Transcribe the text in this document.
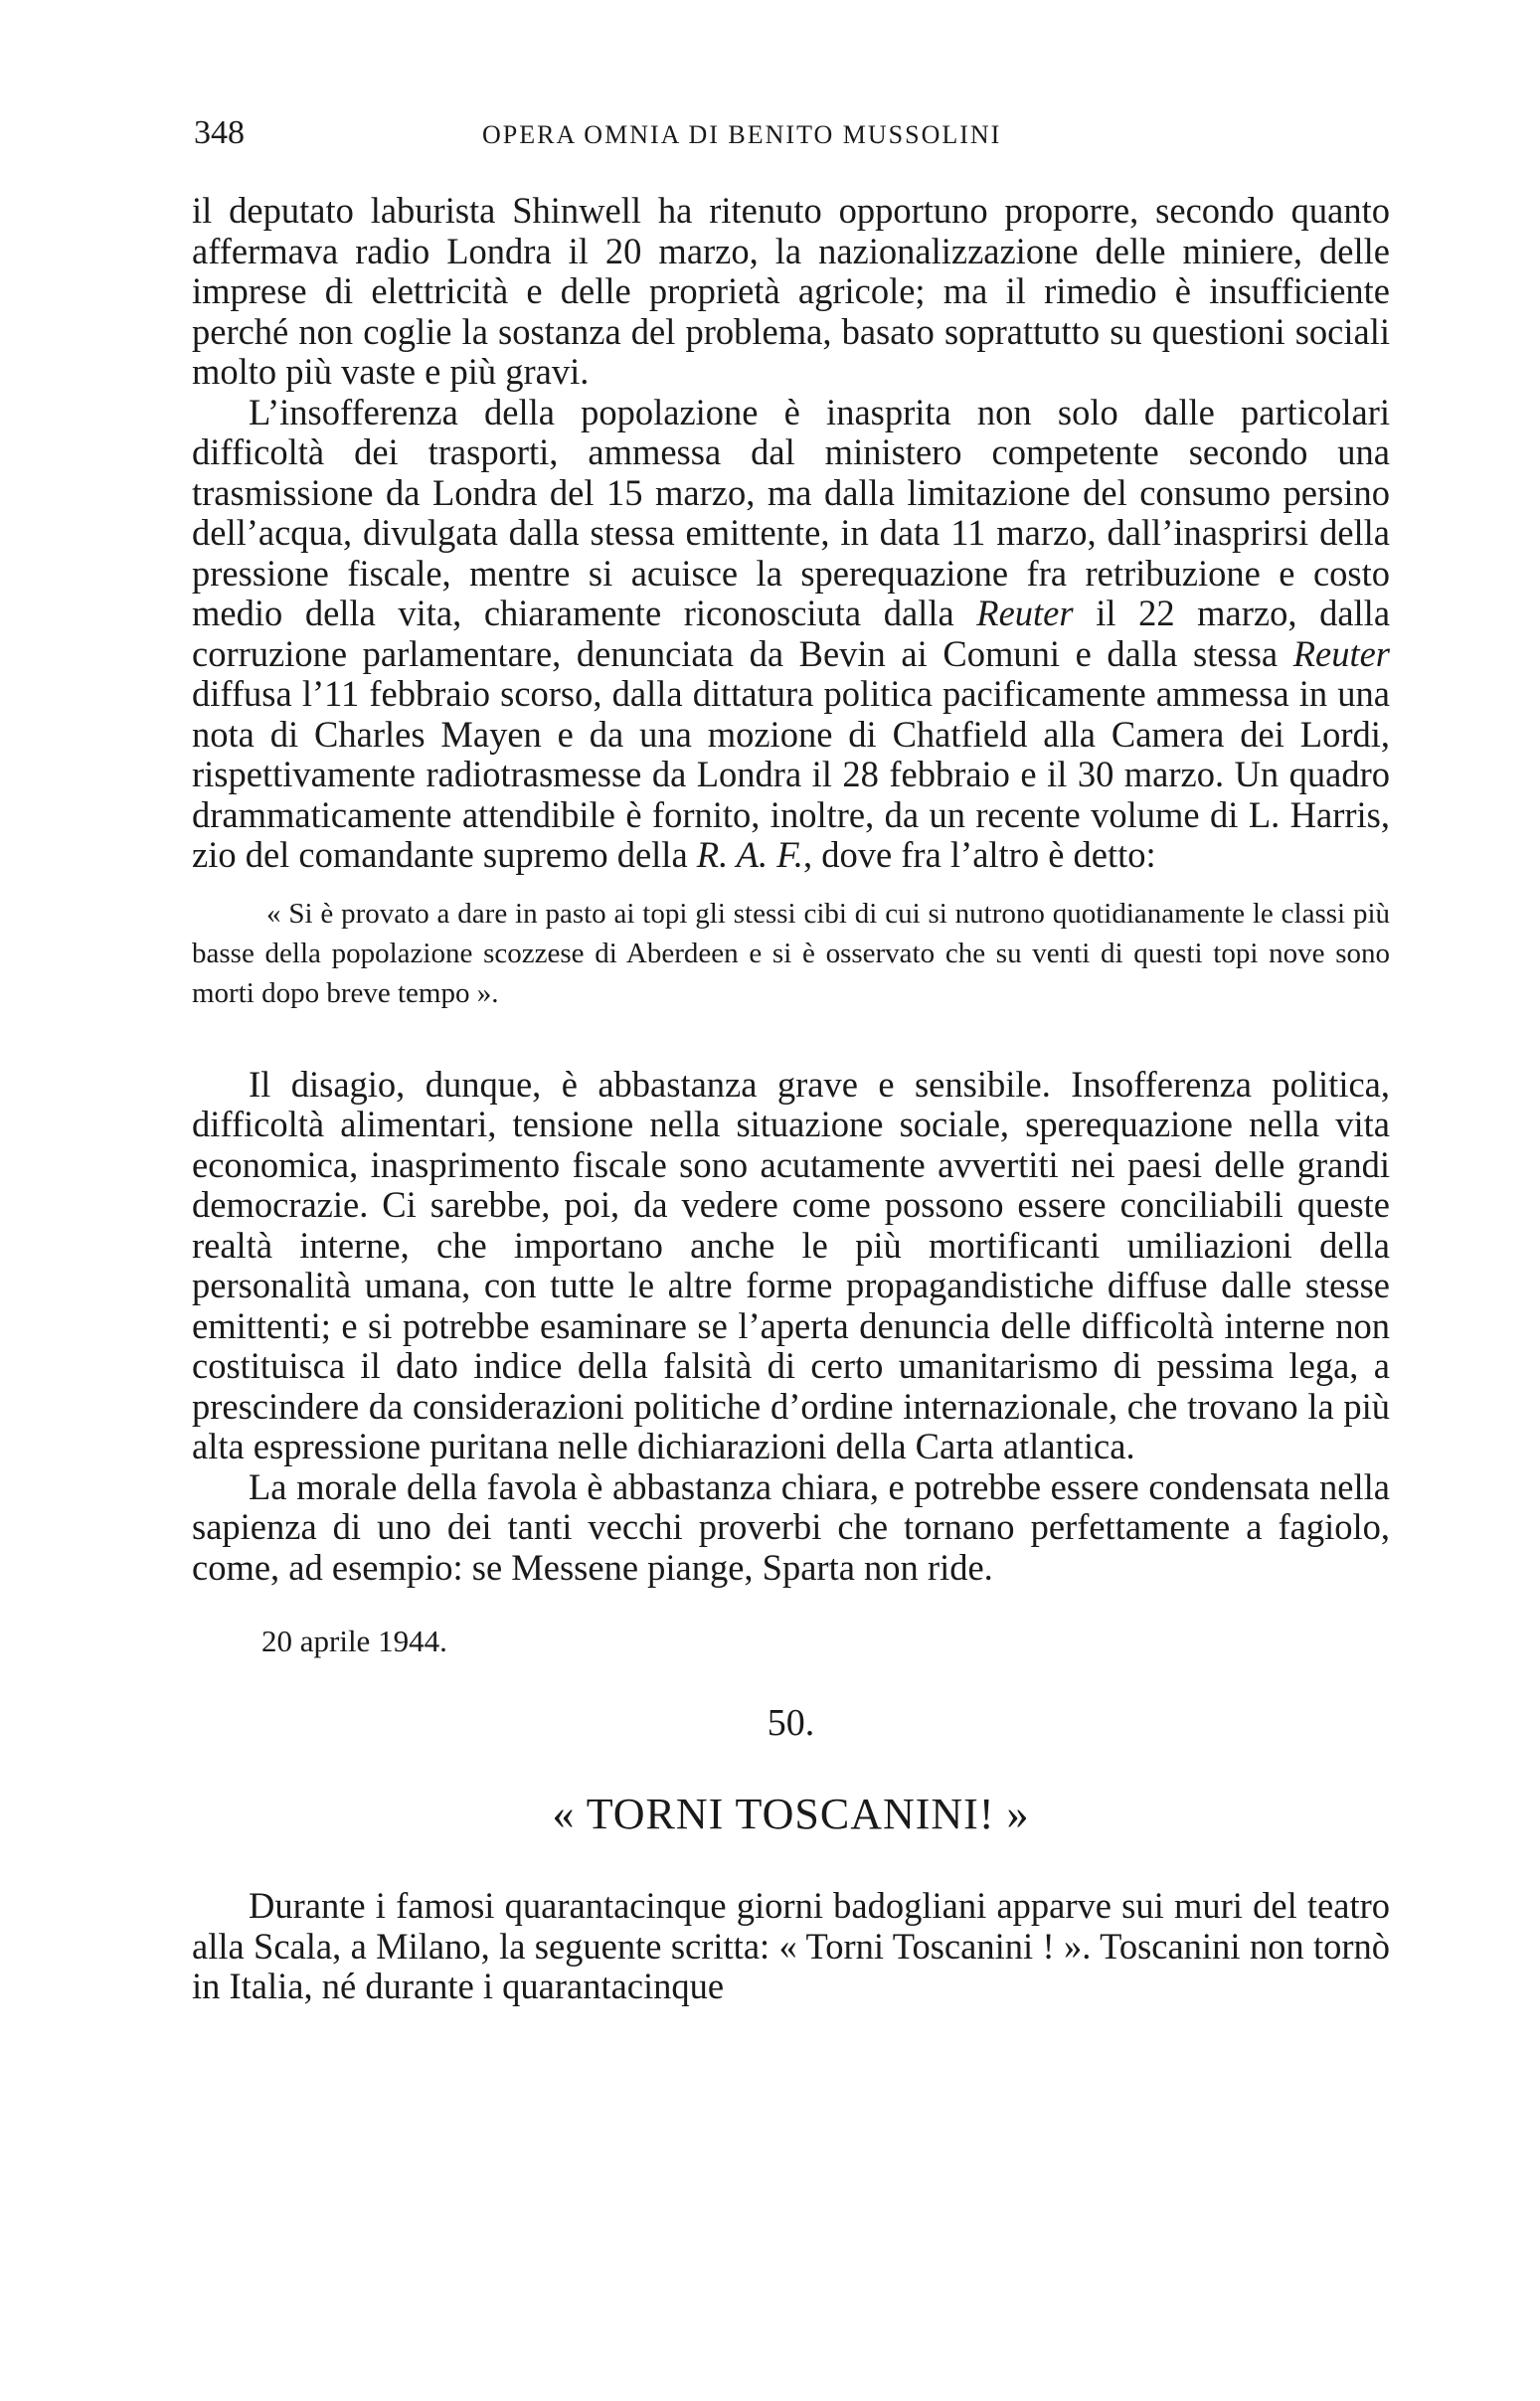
348	OPERA OMNIA DI BENITO MUSSOLINI

il deputato laburista Shinwell ha ritenuto opportuno proporre, secondo quanto affermava radio Londra il 20 marzo, la nazionalizzazione delle miniere, delle imprese di elettricità e delle proprietà agricole; ma il rimedio è insufficiente perché non coglie la sostanza del problema, basato soprattutto su questioni sociali molto più vaste e più gravi.

L’insofferenza della popolazione è inasprita non solo dalle particolari difficoltà dei trasporti, ammessa dal ministero competente secondo una trasmissione da Londra del 15 marzo, ma dalla limitazione del consumo persino dell’acqua, divulgata dalla stessa emittente, in data 11 marzo, dall’inasprirsi della pressione fiscale, mentre si acuisce la sperequazione fra retribuzione e costo medio della vita, chiaramente riconosciuta dalla Reuter il 22 marzo, dalla corruzione parlamentare, denunciata da Bevin ai Comuni e dalla stessa Reuter diffusa l’11 febbraio scorso, dalla dittatura politica pacificamente ammessa in una nota di Charles Mayen e da una mozione di Chatfield alla Camera dei Lordi, rispettivamente radiotrasmesse da Londra il 28 febbraio e il 30 marzo. Un quadro drammaticamente attendibile è fornito, inoltre, da un recente volume di L. Harris, zio del comandante supremo della R. A. F., dove fra l’altro è detto:

« Si è provato a dare in pasto ai topi gli stessi cibi di cui si nutrono quotidianamente le classi più basse della popolazione scozzese di Aberdeen e si è osservato che su venti di questi topi nove sono morti dopo breve tempo ».

Il disagio, dunque, è abbastanza grave e sensibile. Insofferenza politica, difficoltà alimentari, tensione nella situazione sociale, sperequazione nella vita economica, inasprimento fiscale sono acutamente avvertiti nei paesi delle grandi democrazie. Ci sarebbe, poi, da vedere come possono essere conciliabili queste realtà interne, che importano anche le più mortificanti umiliazioni della personalità umana, con tutte le altre forme propagandistiche diffuse dalle stesse emittenti; e si potrebbe esaminare se l’aperta denuncia delle difficoltà interne non costituisca il dato indice della falsità di certo umanitarismo di pessima lega, a prescindere da considerazioni politiche d’ordine internazionale, che trovano la più alta espressione puritana nelle dichiarazioni della Carta atlantica.

La morale della favola è abbastanza chiara, e potrebbe essere condensata nella sapienza di uno dei tanti vecchi proverbi che tornano perfettamente a fagiolo, come, ad esempio: se Messene piange, Sparta non ride.

20 aprile 1944.
50.
« TORNI TOSCANINI! »

Durante i famosi quarantacinque giorni badogliani apparve sui muri del teatro alla Scala, a Milano, la seguente scritta: « Torni Toscanini ! ». Toscanini non tornò in Italia, né durante i quarantacinque
